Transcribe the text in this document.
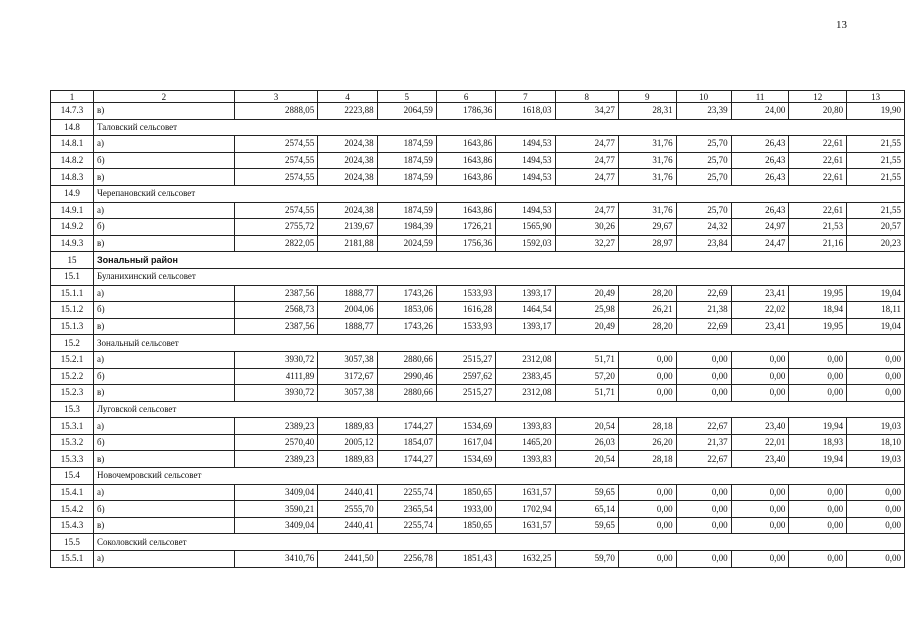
13
1	2	3	4	5	6	7	8	9	10	11	12	13
14.7.3	в)	2888,05	2223,88	2064,59	1786,36	1618,03	34,27	28,31	23,39	24,00	20,80	19,90
14.8	Таловский сельсовет											
14.8.1	а)	2574,55	2024,38	1874,59	1643,86	1494,53	24,77	31,76	25,70	26,43	22,61	21,55
14.8.2	б)	2574,55	2024,38	1874,59	1643,86	1494,53	24,77	31,76	25,70	26,43	22,61	21,55
14.8.3	в)	2574,55	2024,38	1874,59	1643,86	1494,53	24,77	31,76	25,70	26,43	22,61	21,55
14.9	Черепановский сельсовет											
14.9.1	а)	2574,55	2024,38	1874,59	1643,86	1494,53	24,77	31,76	25,70	26,43	22,61	21,55
14.9.2	б)	2755,72	2139,67	1984,39	1726,21	1565,90	30,26	29,67	24,32	24,97	21,53	20,57
14.9.3	в)	2822,05	2181,88	2024,59	1756,36	1592,03	32,27	28,97	23,84	24,47	21,16	20,23
15	Зональный район											
15.1	Буланихинский сельсовет											
15.1.1	а)	2387,56	1888,77	1743,26	1533,93	1393,17	20,49	28,20	22,69	23,41	19,95	19,04
15.1.2	б)	2568,73	2004,06	1853,06	1616,28	1464,54	25,98	26,21	21,38	22,02	18,94	18,11
15.1.3	в)	2387,56	1888,77	1743,26	1533,93	1393,17	20,49	28,20	22,69	23,41	19,95	19,04
15.2	Зональный сельсовет											
15.2.1	а)	3930,72	3057,38	2880,66	2515,27	2312,08	51,71	0,00	0,00	0,00	0,00	0,00
15.2.2	б)	4111,89	3172,67	2990,46	2597,62	2383,45	57,20	0,00	0,00	0,00	0,00	0,00
15.2.3	в)	3930,72	3057,38	2880,66	2515,27	2312,08	51,71	0,00	0,00	0,00	0,00	0,00
15.3	Луговской сельсовет											
15.3.1	а)	2389,23	1889,83	1744,27	1534,69	1393,83	20,54	28,18	22,67	23,40	19,94	19,03
15.3.2	б)	2570,40	2005,12	1854,07	1617,04	1465,20	26,03	26,20	21,37	22,01	18,93	18,10
15.3.3	в)	2389,23	1889,83	1744,27	1534,69	1393,83	20,54	28,18	22,67	23,40	19,94	19,03
15.4	Новочемровский сельсовет											
15.4.1	а)	3409,04	2440,41	2255,74	1850,65	1631,57	59,65	0,00	0,00	0,00	0,00	0,00
15.4.2	б)	3590,21	2555,70	2365,54	1933,00	1702,94	65,14	0,00	0,00	0,00	0,00	0,00
15.4.3	в)	3409,04	2440,41	2255,74	1850,65	1631,57	59,65	0,00	0,00	0,00	0,00	0,00
15.5	Соколовский сельсовет											
15.5.1	а)	3410,76	2441,50	2256,78	1851,43	1632,25	59,70	0,00	0,00	0,00	0,00	0,00
